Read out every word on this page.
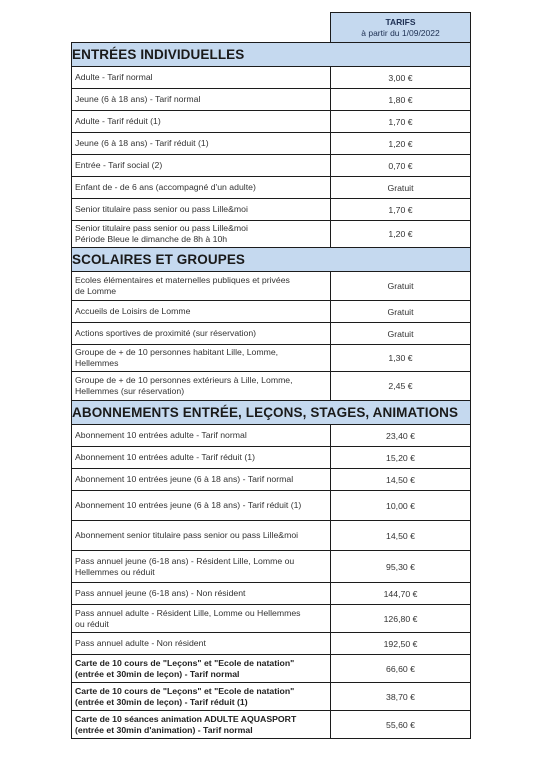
	TARIFS
à partir du 1/09/2022

ENTRÉES INDIVIDUELLES	

Adulte - Tarif normal	3,00 €

Jeune (6 à 18 ans) - Tarif normal	1,80 €

Adulte - Tarif réduit (1)	1,70 €

Jeune (6 à 18 ans) - Tarif réduit (1)	1,20 €

Entrée - Tarif social (2)	0,70 €

Enfant de - de 6 ans (accompagné d'un adulte)	Gratuit

Senior titulaire pass senior ou pass Lille&moi	1,70 €

Senior titulaire pass senior ou pass Lille&moi
Période Bleue le dimanche de 8h à 10h	1,20 €
SCOLAIRES ET GROUPES	

Ecoles élémentaires et maternelles publiques et privées
de Lomme	Gratuit

Accueils de Loisirs de Lomme	Gratuit

Actions sportives de proximité (sur réservation)	Gratuit

Groupe de + de 10 personnes habitant Lille, Lomme,
Hellemmes	1,30 €

Groupe de + de 10 personnes extérieurs à Lille, Lomme,
Hellemmes (sur réservation)	2,45 €
ABONNEMENTS ENTRÉE, LEÇONS, STAGES, ANIMATIONS	

Abonnement 10 entrées adulte - Tarif normal	23,40 €

Abonnement 10 entrées adulte - Tarif réduit (1)	15,20 €

Abonnement 10 entrées jeune (6 à 18 ans) - Tarif normal	14,50 €

Abonnement 10 entrées jeune (6 à 18 ans) - Tarif réduit (1)	10,00 €

Abonnement senior titulaire pass senior ou pass Lille&moi	14,50 €

Pass annuel jeune (6-18 ans) - Résident Lille, Lomme ou
Hellemmes ou réduit	95,30 €

Pass annuel jeune (6-18 ans) - Non résident	144,70 €

Pass annuel adulte - Résident Lille, Lomme ou Hellemmes
ou réduit	126,80 €

Pass annuel adulte - Non résident	192,50 €

Carte de 10 cours de "Leçons" et "Ecole de natation"
(entrée et 30min de leçon) - Tarif normal	66,60 €

Carte de 10 cours de "Leçons" et "Ecole de natation"
(entrée et 30min de leçon) - Tarif réduit (1)	38,70 €

Carte de 10 séances animation ADULTE AQUASPORT
(entrée et 30min d'animation) - Tarif normal	55,60 €
